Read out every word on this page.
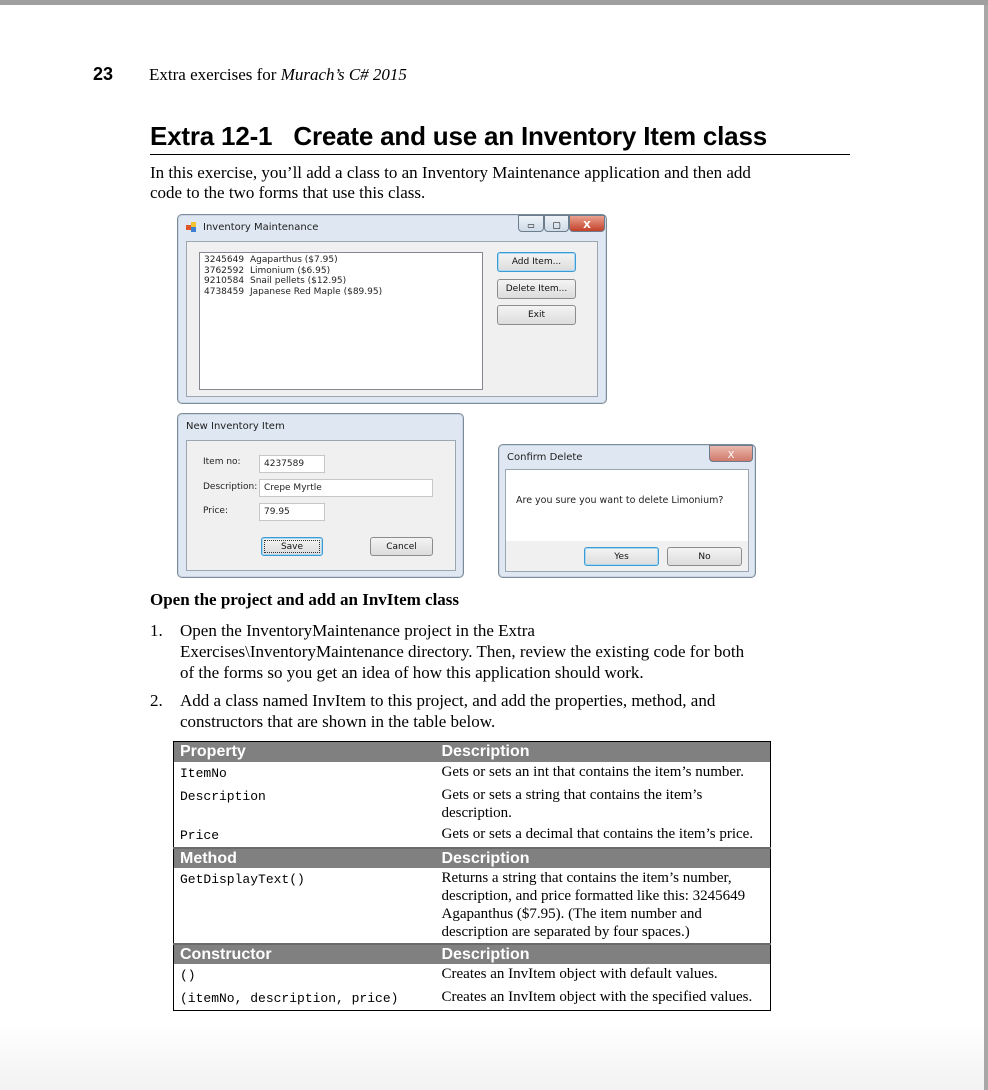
23 Extra exercises for Murach’s C# 2015
Extra 12-1   Create and use an Inventory Item class
In this exercise, you’ll add a class to an Inventory Maintenance application and then add code to the two forms that use this class.
Inventory Maintenance	▭	▢	X
3245649 Agaparthus ($7.95)
3762592 Limonium ($6.95)
9210584 Snail pellets ($12.95)
4738459 Japanese Red Maple ($89.95)
Add Item...
Delete Item...
Exit
New Inventory Item
Item no:	4237589
Description: Crepe Myrtle
Price:	79.95
Save	Cancel
Confirm Delete	X
Are you sure you want to delete Limonium?
Yes	No
Open the project and add an InvItem class
1. Open the InventoryMaintenance project in the Extra Exercises\InventoryMaintenance directory. Then, review the existing code for both of the forms so you get an idea of how this application should work.
2. Add a class named InvItem to this project, and add the properties, method, and constructors that are shown in the table below.
Property	Description
ItemNo	Gets or sets an int that contains the item’s number.
Description	Gets or sets a string that contains the item’s description.
Price	Gets or sets a decimal that contains the item’s price.
Method	Description
GetDisplayText()	Returns a string that contains the item’s number, description, and price formatted like this: 3245649    Agapanthus ($7.95). (The item number and description are separated by four spaces.)
Constructor	Description
()	Creates an InvItem object with default values.
(itemNo, description, price)	Creates an InvItem object with the specified values.
